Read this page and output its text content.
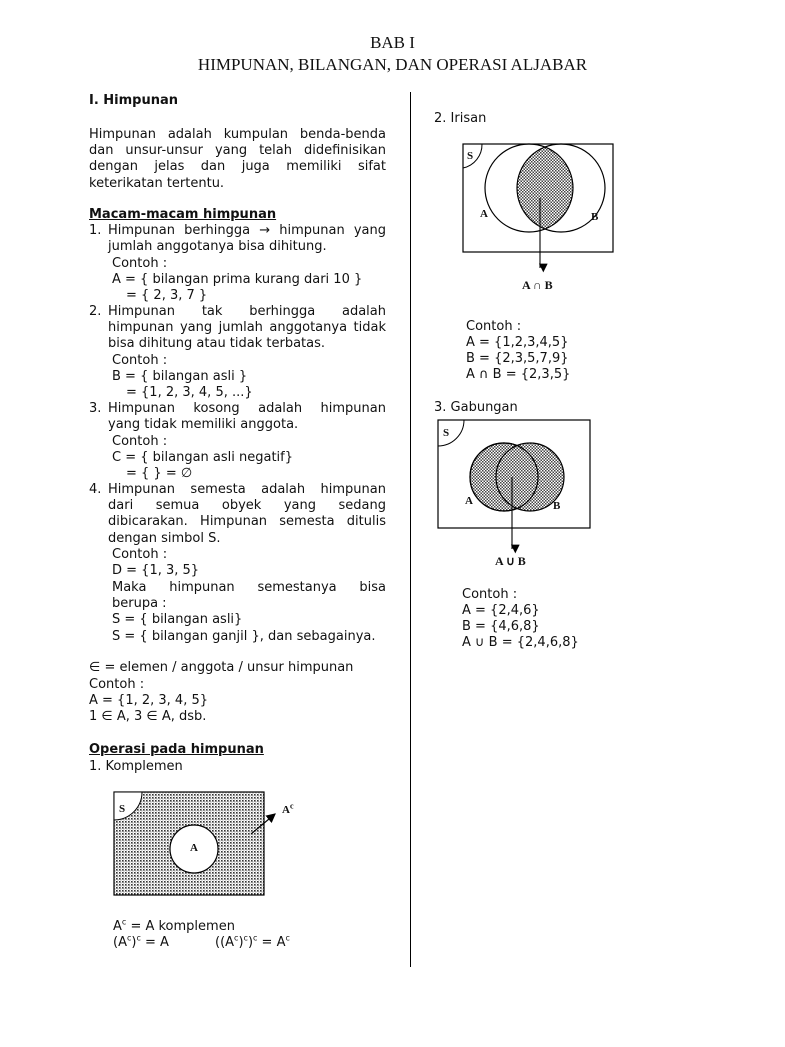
BAB I
HIMPUNAN, BILANGAN, DAN OPERASI ALJABAR
I. Himpunan
Himpunan adalah kumpulan benda-benda
dan unsur-unsur yang telah didefinisikan
dengan jelas dan juga memiliki sifat
keterikatan tertentu.
Macam-macam himpunan
1. Himpunan berhingga → himpunan yang
jumlah anggotanya bisa dihitung.
Contoh :
A = { bilangan prima kurang dari 10 }
= { 2, 3, 7 }
2. Himpunan tak berhingga adalah
himpunan yang jumlah anggotanya tidak
bisa dihitung atau tidak terbatas.
Contoh :
B = { bilangan asli }
= {1, 2, 3, 4, 5, ...}
3. Himpunan kosong adalah himpunan
yang tidak memiliki anggota.
Contoh :
C = { bilangan asli negatif}
= { } = ∅
4. Himpunan semesta adalah himpunan
dari semua obyek yang sedang
dibicarakan. Himpunan semesta ditulis
dengan simbol S.
Contoh :
D = {1, 3, 5}
Maka himpunan semestanya bisa
berupa :
S = { bilangan asli}
S = { bilangan ganjil }, dan sebagainya.
∈ = elemen / anggota / unsur himpunan
Contoh :
A = {1, 2, 3, 4, 5}
1 ∈ A, 3 ∈ A, dsb.
Operasi pada himpunan
1. Komplemen
S
A
$A^c$
$A^c = A$ komplemen
$(A^c)^c = A$	$((A^c)^c)^c = A^c$
2. Irisan
S
A	B
A ∩ B
Contoh :
A = {1,2,3,4,5}
B = {2,3,5,7,9}
A ∩ B = {2,3,5}
3. Gabungan
S
A	B
A ∪ B
Contoh :
A = {2,4,6}
B = {4,6,8}
A ∪ B = {2,4,6,8}
